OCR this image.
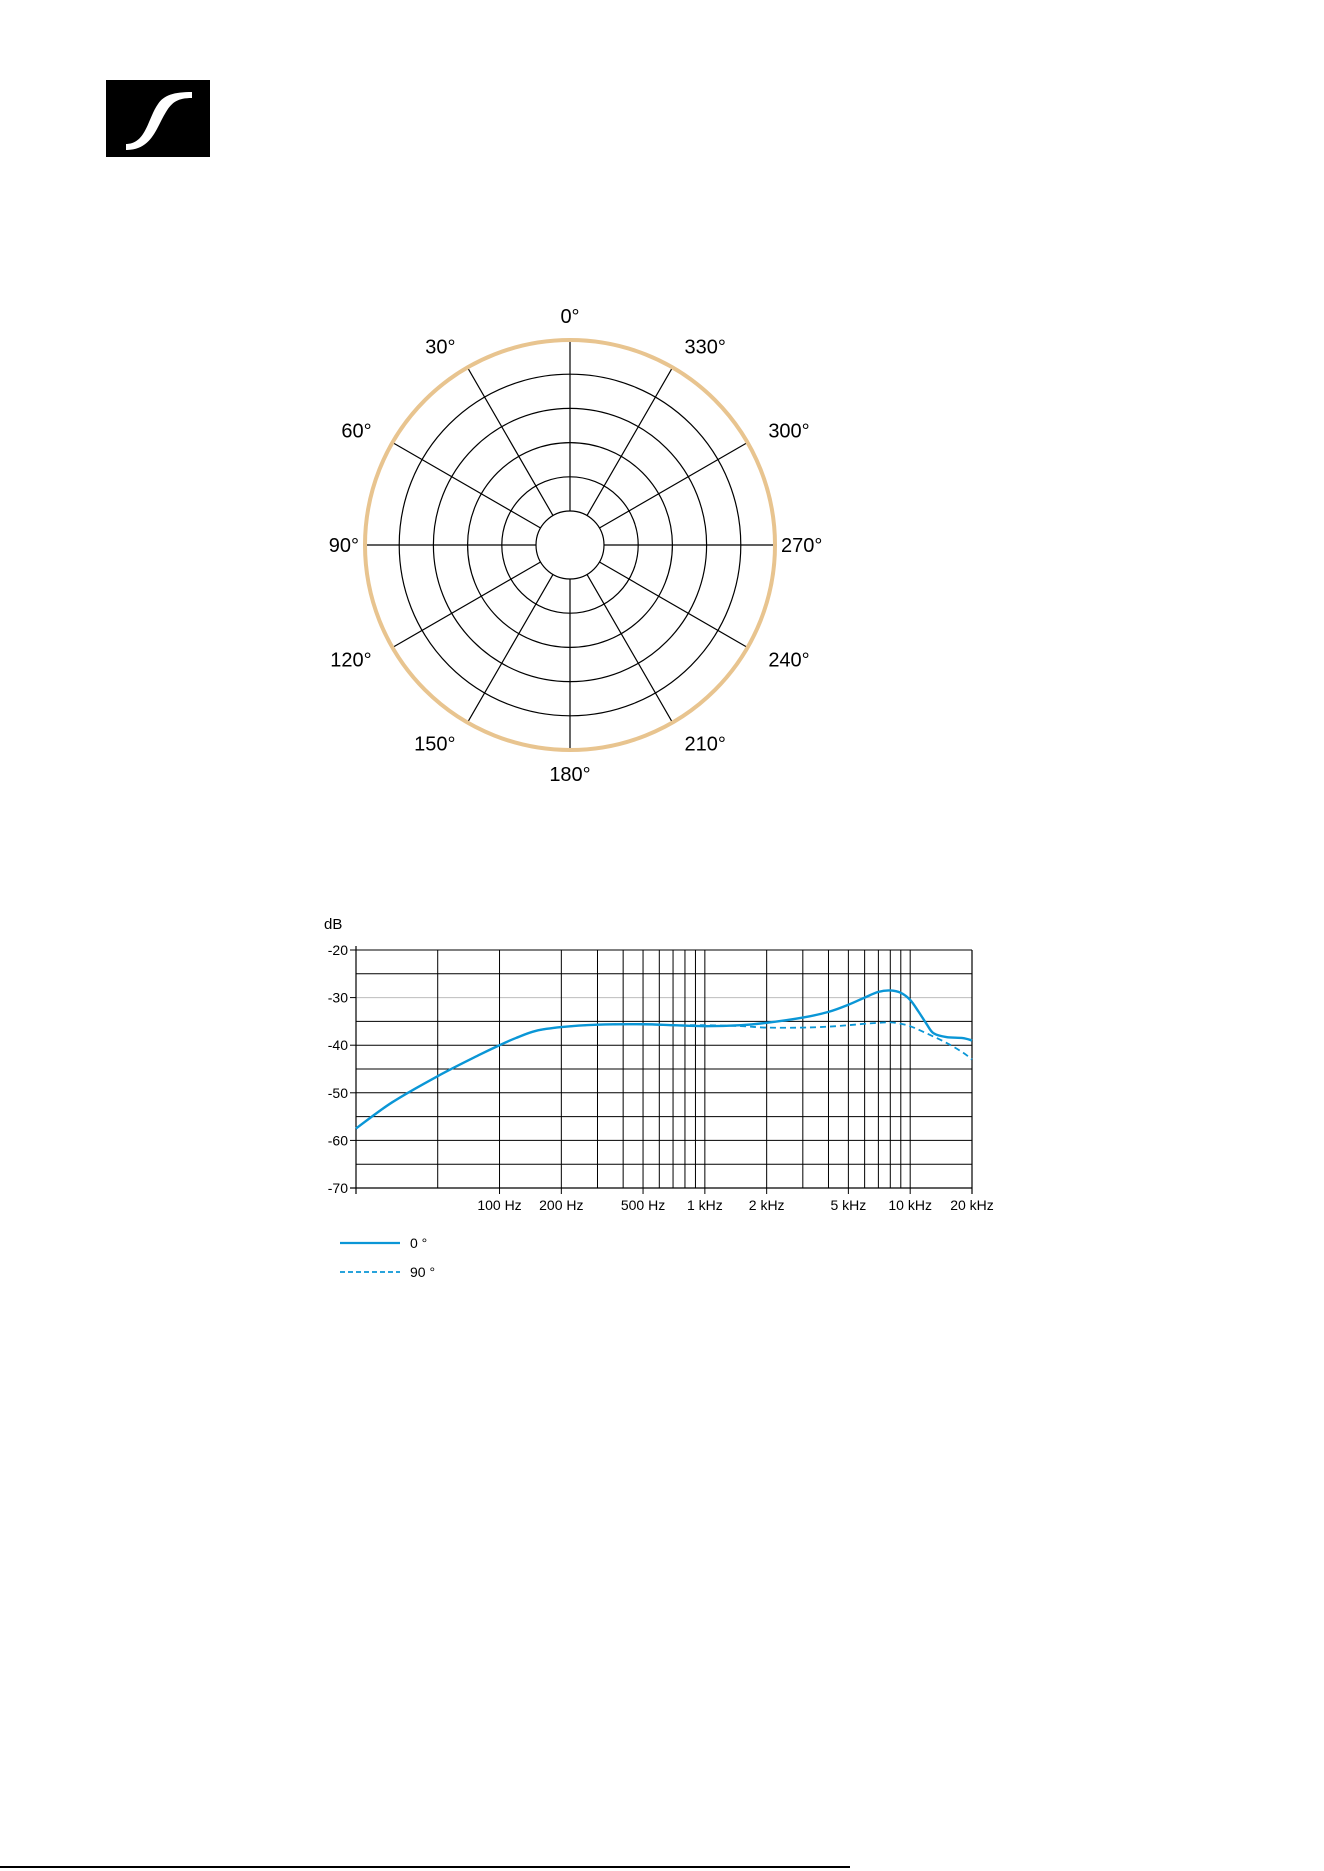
0°
30°
60°
90°
120°
150°
180°
210°
240°
270°
300°
330°
-20
-30
-40
-50
-60
-70
100 Hz 200 Hz	500 Hz 1 kHz 2 kHz	5 kHz 10 kHz 20 kHz
dB
0 °
90 °
